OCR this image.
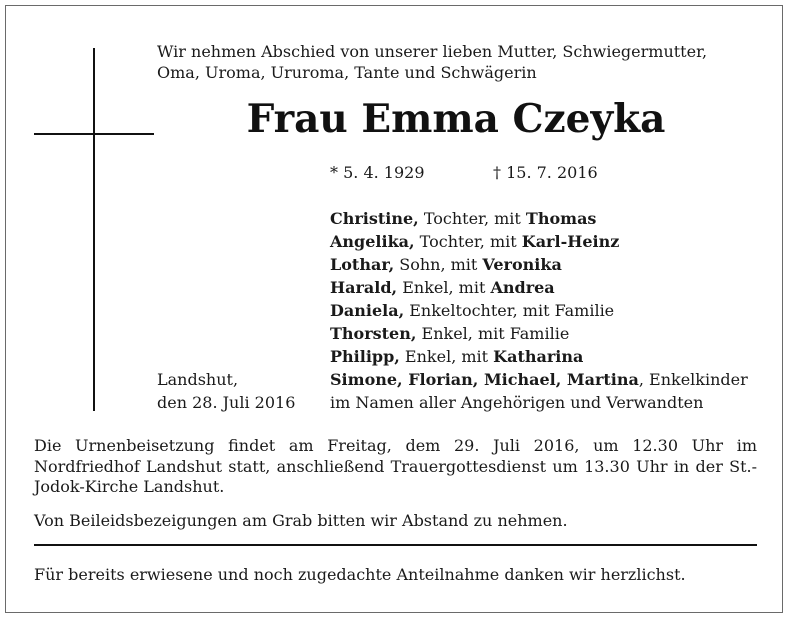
Wir nehmen Abschied von unserer lieben Mutter, Schwiegermutter,

Oma, Uroma, Ururoma, Tante und Schwägerin

Frau Emma Czeyka

* 5. 4. 1929	† 15. 7. 2016

Christine, Tochter, mit Thomas

Angelika, Tochter, mit Karl-Heinz

Lothar, Sohn, mit Veronika

Harald, Enkel, mit Andrea

Daniela, Enkeltochter, mit Familie

Thorsten, Enkel, mit Familie

Philipp, Enkel, mit Katharina

Simone, Florian, Michael, Martina, Enkelkinder

Landshut,

den 28. Juli 2016 im Namen aller Angehörigen und Verwandten

Die Urnenbeisetzung findet am Freitag, dem 29. Juli 2016, um 12.30 Uhr im Nordfriedhof Landshut statt, anschließend Trauergottesdienst um 13.30 Uhr in der St.-Jodok-Kirche Landshut.

Von Beileidsbezeigungen am Grab bitten wir Abstand zu nehmen.

Für bereits erwiesene und noch zugedachte Anteilnahme danken wir herzlichst.
